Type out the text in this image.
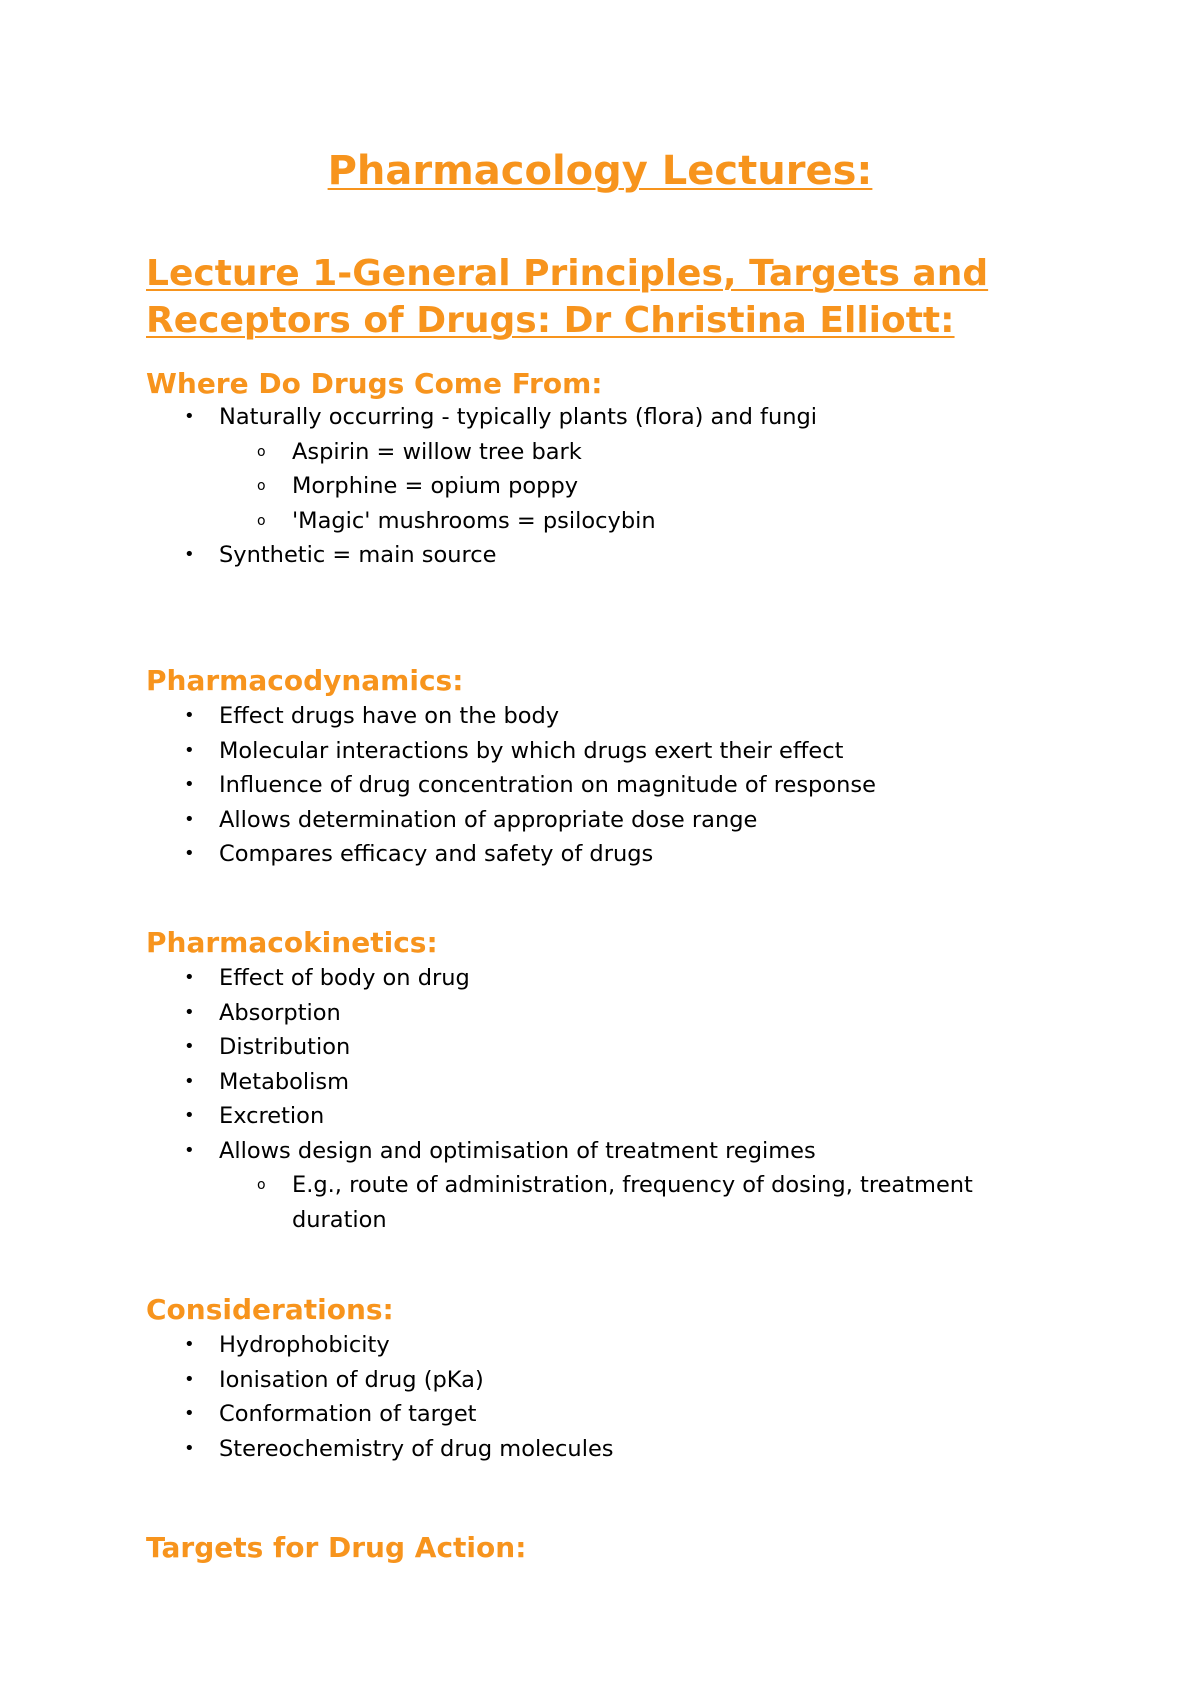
Pharmacology Lectures:
Lecture 1-General Principles, Targets and Receptors of Drugs: Dr Christina Elliott:
Where Do Drugs Come From:
• Naturally occurring - typically plants (flora) and fungi
o Aspirin = willow tree bark
o Morphine = opium poppy
o 'Magic' mushrooms = psilocybin
• Synthetic = main source
Pharmacodynamics:
• Effect drugs have on the body
• Molecular interactions by which drugs exert their effect
• Influence of drug concentration on magnitude of response
• Allows determination of appropriate dose range
• Compares efficacy and safety of drugs
Pharmacokinetics:
• Effect of body on drug
• Absorption
• Distribution
• Metabolism
• Excretion
• Allows design and optimisation of treatment regimes
o E.g., route of administration, frequency of dosing, treatment duration
Considerations:
• Hydrophobicity
• Ionisation of drug (pKa)
• Conformation of target
• Stereochemistry of drug molecules
Targets for Drug Action:
